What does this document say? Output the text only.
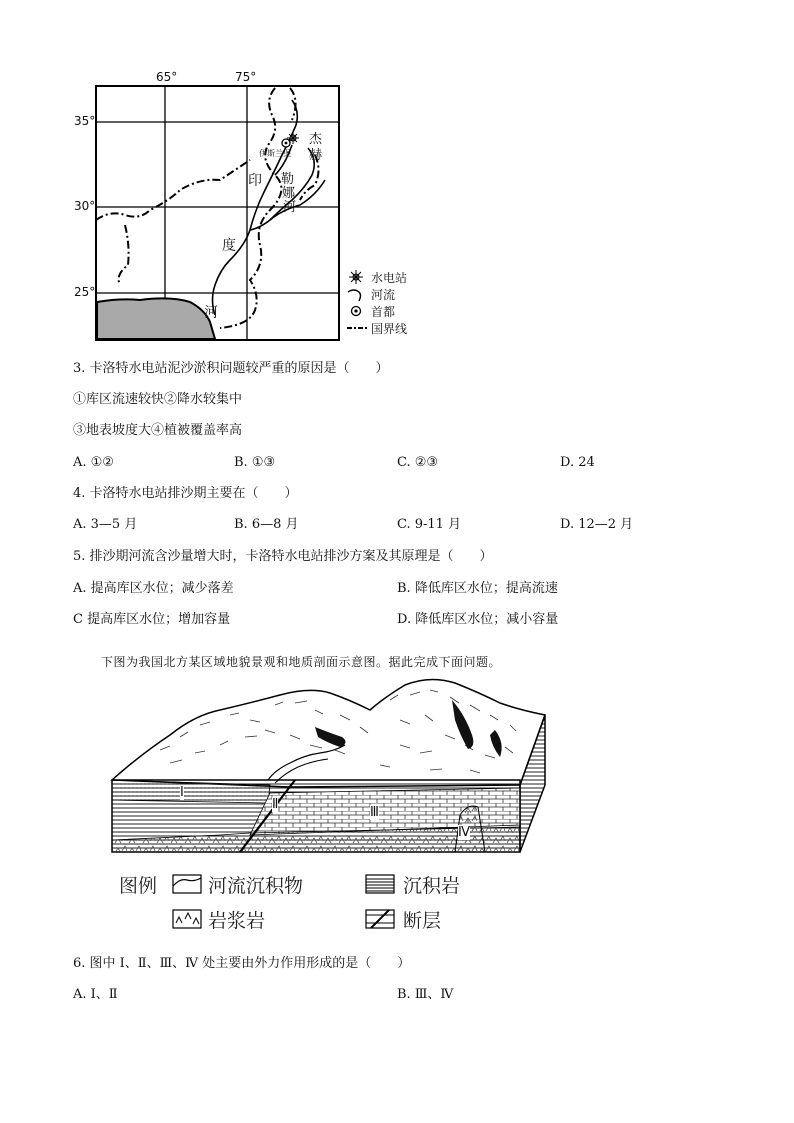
65°	75°
35°
30°
25°
伊斯兰堡
杰
赫
印
度
河
勒
娜
河
水电站
河流
首都
国界线
3. 卡洛特水电站泥沙淤积问题较严重的原因是（　　）
①库区流速较快②降水较集中
③地表坡度大④植被覆盖率高
A. ①②	B. ①③	C. ②③	D. 24
4. 卡洛特水电站排沙期主要在（　　）
A. 3—5 月	B. 6—8 月	C. 9-11 月	D. 12—2 月
5. 排沙期河流含沙量增大时，卡洛特水电站排沙方案及其原理是（　　）
A. 提高库区水位；减少落差	B. 降低库区水位；提高流速
C 提高库区水位；增加容量	D. 降低库区水位；减小容量
下图为我国北方某区域地貌景观和地质剖面示意图。据此完成下面问题。
I
Ⅱ
Ⅲ
Ⅳ
图例	河流沉积物	沉积岩
岩浆岩	断层
6. 图中 I、Ⅱ、Ⅲ、Ⅳ 处主要由外力作用形成的是（　　）
A. I、Ⅱ	B. Ⅲ、Ⅳ
